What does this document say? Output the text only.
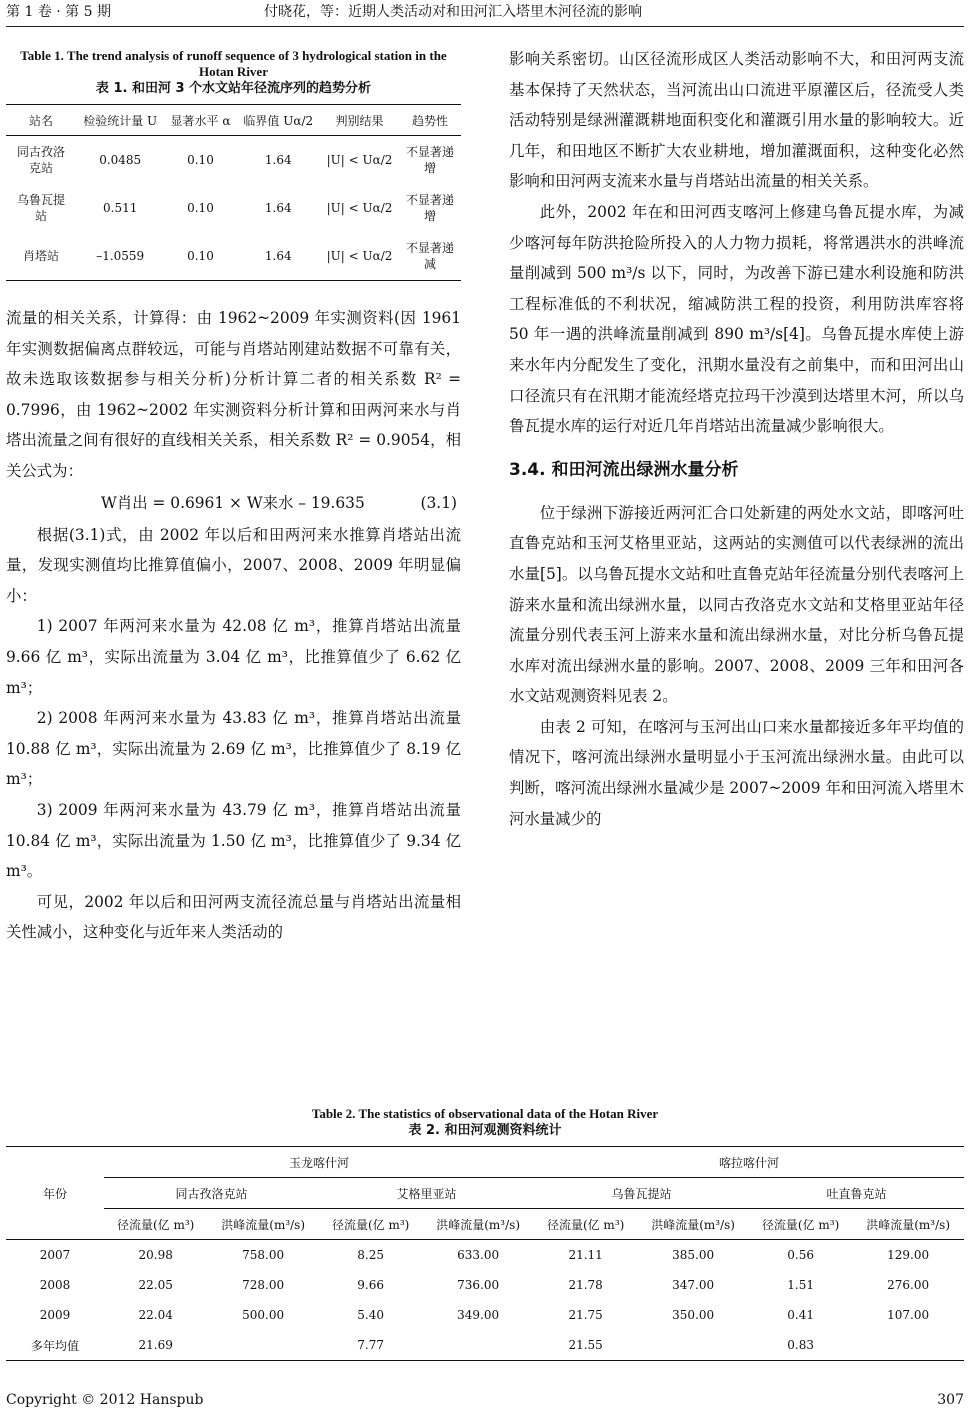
第 1 卷 · 第 5 期	付晓花，等：近期人类活动对和田河汇入塔里木河径流的影响
Table 1. The trend analysis of runoff sequence of 3 hydrological station in the Hotan River
表 1. 和田河 3 个水文站年径流序列的趋势分析
站名	检验统计量 U	显著水平 α	临界值 Uα/2	判别结果	趋势性
同古孜洛克站	0.0485	0.10	1.64	|U| < Uα/2	不显著递增
乌鲁瓦提站	0.511	0.10	1.64	|U| < Uα/2	不显著递增
肖塔站	–1.0559	0.10	1.64	|U| < Uα/2	不显著递减

流量的相关关系，计算得：由 1962~2009 年实测资料(因 1961 年实测数据偏离点群较远，可能与肖塔站刚建站数据不可靠有关，故未选取该数据参与相关分析)分析计算二者的相关系数 R² = 0.7996，由 1962~2002 年实测资料分析计算和田两河来水与肖塔出流量之间有很好的直线相关关系，相关系数 R² = 0.9054，相关公式为：

W肖出 = 0.6961 × W来水 – 19.635	(3.1)

根据(3.1)式，由 2002 年以后和田两河来水推算肖塔站出流量，发现实测值均比推算值偏小，2007、2008、2009 年明显偏小：

1) 2007 年两河来水量为 42.08 亿 m³，推算肖塔站出流量 9.66 亿 m³，实际出流量为 3.04 亿 m³，比推算值少了 6.62 亿 m³；

2) 2008 年两河来水量为 43.83 亿 m³，推算肖塔站出流量 10.88 亿 m³，实际出流量为 2.69 亿 m³，比推算值少了 8.19 亿 m³；

3) 2009 年两河来水量为 43.79 亿 m³，推算肖塔站出流量 10.84 亿 m³，实际出流量为 1.50 亿 m³，比推算值少了 9.34 亿 m³。

可见，2002 年以后和田河两支流径流总量与肖塔站出流量相关性减小，这种变化与近年来人类活动的

影响关系密切。山区径流形成区人类活动影响不大，和田河两支流基本保持了天然状态，当河流出山口流进平原灌区后，径流受人类活动特别是绿洲灌溉耕地面积变化和灌溉引用水量的影响较大。近几年，和田地区不断扩大农业耕地，增加灌溉面积，这种变化必然影响和田河两支流来水量与肖塔站出流量的相关关系。

此外，2002 年在和田河西支喀河上修建乌鲁瓦提水库，为减少喀河每年防洪抢险所投入的人力物力损耗，将常遇洪水的洪峰流量削减到 500 m³/s 以下，同时，为改善下游已建水利设施和防洪工程标准低的不利状况，缩减防洪工程的投资，利用防洪库容将 50 年一遇的洪峰流量削减到 890 m³/s[4]。乌鲁瓦提水库使上游来水年内分配发生了变化，汛期水量没有之前集中，而和田河出山口径流只有在汛期才能流经塔克拉玛干沙漠到达塔里木河，所以乌鲁瓦提水库的运行对近几年肖塔站出流量减少影响很大。

3.4. 和田河流出绿洲水量分析

位于绿洲下游接近两河汇合口处新建的两处水文站，即喀河吐直鲁克站和玉河艾格里亚站，这两站的实测值可以代表绿洲的流出水量[5]。以乌鲁瓦提水文站和吐直鲁克站年径流量分别代表喀河上游来水量和流出绿洲水量，以同古孜洛克水文站和艾格里亚站年径流量分别代表玉河上游来水量和流出绿洲水量，对比分析乌鲁瓦提水库对流出绿洲水量的影响。2007、2008、2009 三年和田河各水文站观测资料见表 2。

由表 2 可知，在喀河与玉河出山口来水量都接近多年平均值的情况下，喀河流出绿洲水量明显小于玉河流出绿洲水量。由此可以判断，喀河流出绿洲水量减少是 2007~2009 年和田河流入塔里木河水量减少的

Table 2. The statistics of observational data of the Hotan River
表 2. 和田河观测资料统计
年份	玉龙喀什河				喀拉喀什河			
	同古孜洛克站		艾格里亚站		乌鲁瓦提站		吐直鲁克站	
	径流量(亿 m³)	洪峰流量(m³/s)	径流量(亿 m³)	洪峰流量(m³/s)	径流量(亿 m³)	洪峰流量(m³/s)	径流量(亿 m³)	洪峰流量(m³/s)
2007	20.98	758.00	8.25	633.00	21.11	385.00	0.56	129.00
2008	22.05	728.00	9.66	736.00	21.78	347.00	1.51	276.00
2009	22.04	500.00	5.40	349.00	21.75	350.00	0.41	107.00
多年均值	21.69		7.77		21.55		0.83	
Copyright © 2012 Hanspub	307
